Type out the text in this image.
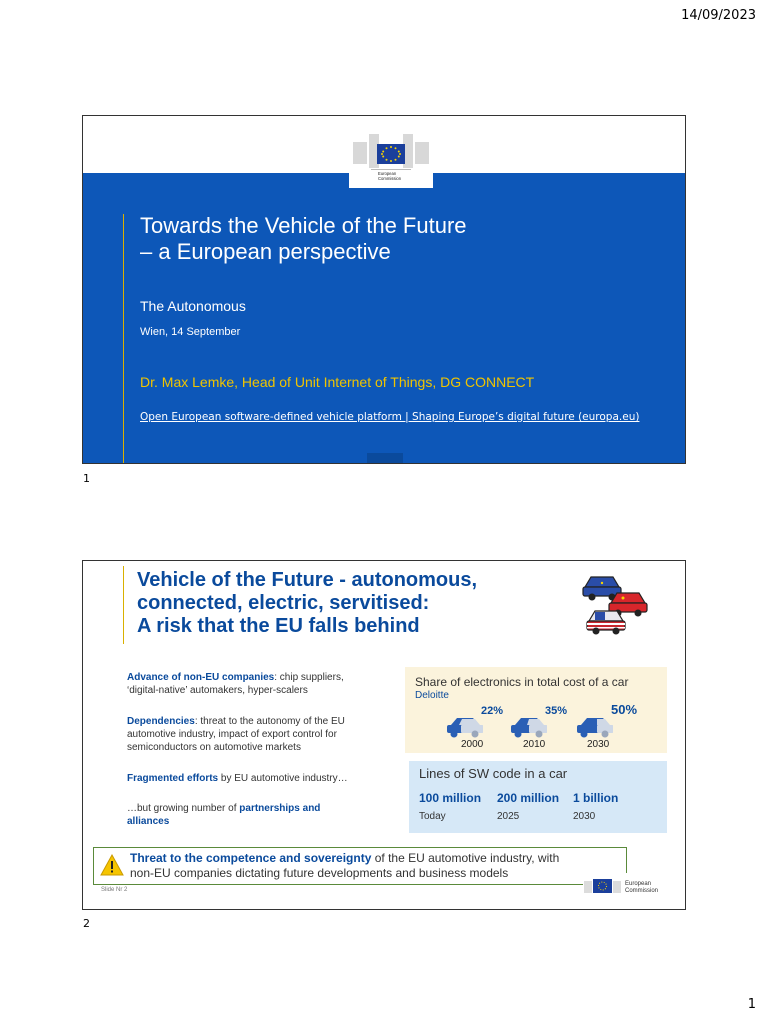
14/09/2023
European
Commission
Towards the Vehicle of the Future
– a European perspective
The Autonomous
Wien, 14 September
Dr. Max Lemke, Head of Unit Internet of Things, DG CONNECT
Open European software-defined vehicle platform | Shaping Europe’s digital future (europa.eu)
1
Vehicle of the Future - autonomous,
connected, electric, servitised:
A risk that the EU falls behind
Advance of non-EU companies: chip suppliers,
‘digital-native’ automakers, hyper-scalers
Dependencies: threat to the autonomy of the EU
automotive industry, impact of export control for
semiconductors on automotive markets
Fragmented efforts by EU automotive industry…
…but growing number of partnerships and
alliances
Share of electronics in total cost of a car
Deloitte
22%
2000
35%
2010
50%
2030
Lines of SW code in a car
100 million 200 million 1 billion
Today	2025	2030
Threat to the competence and sovereignty of the EU automotive industry, with
non-EU companies dictating future developments and business models
Slide Nr 2
European
Commission
2
1
